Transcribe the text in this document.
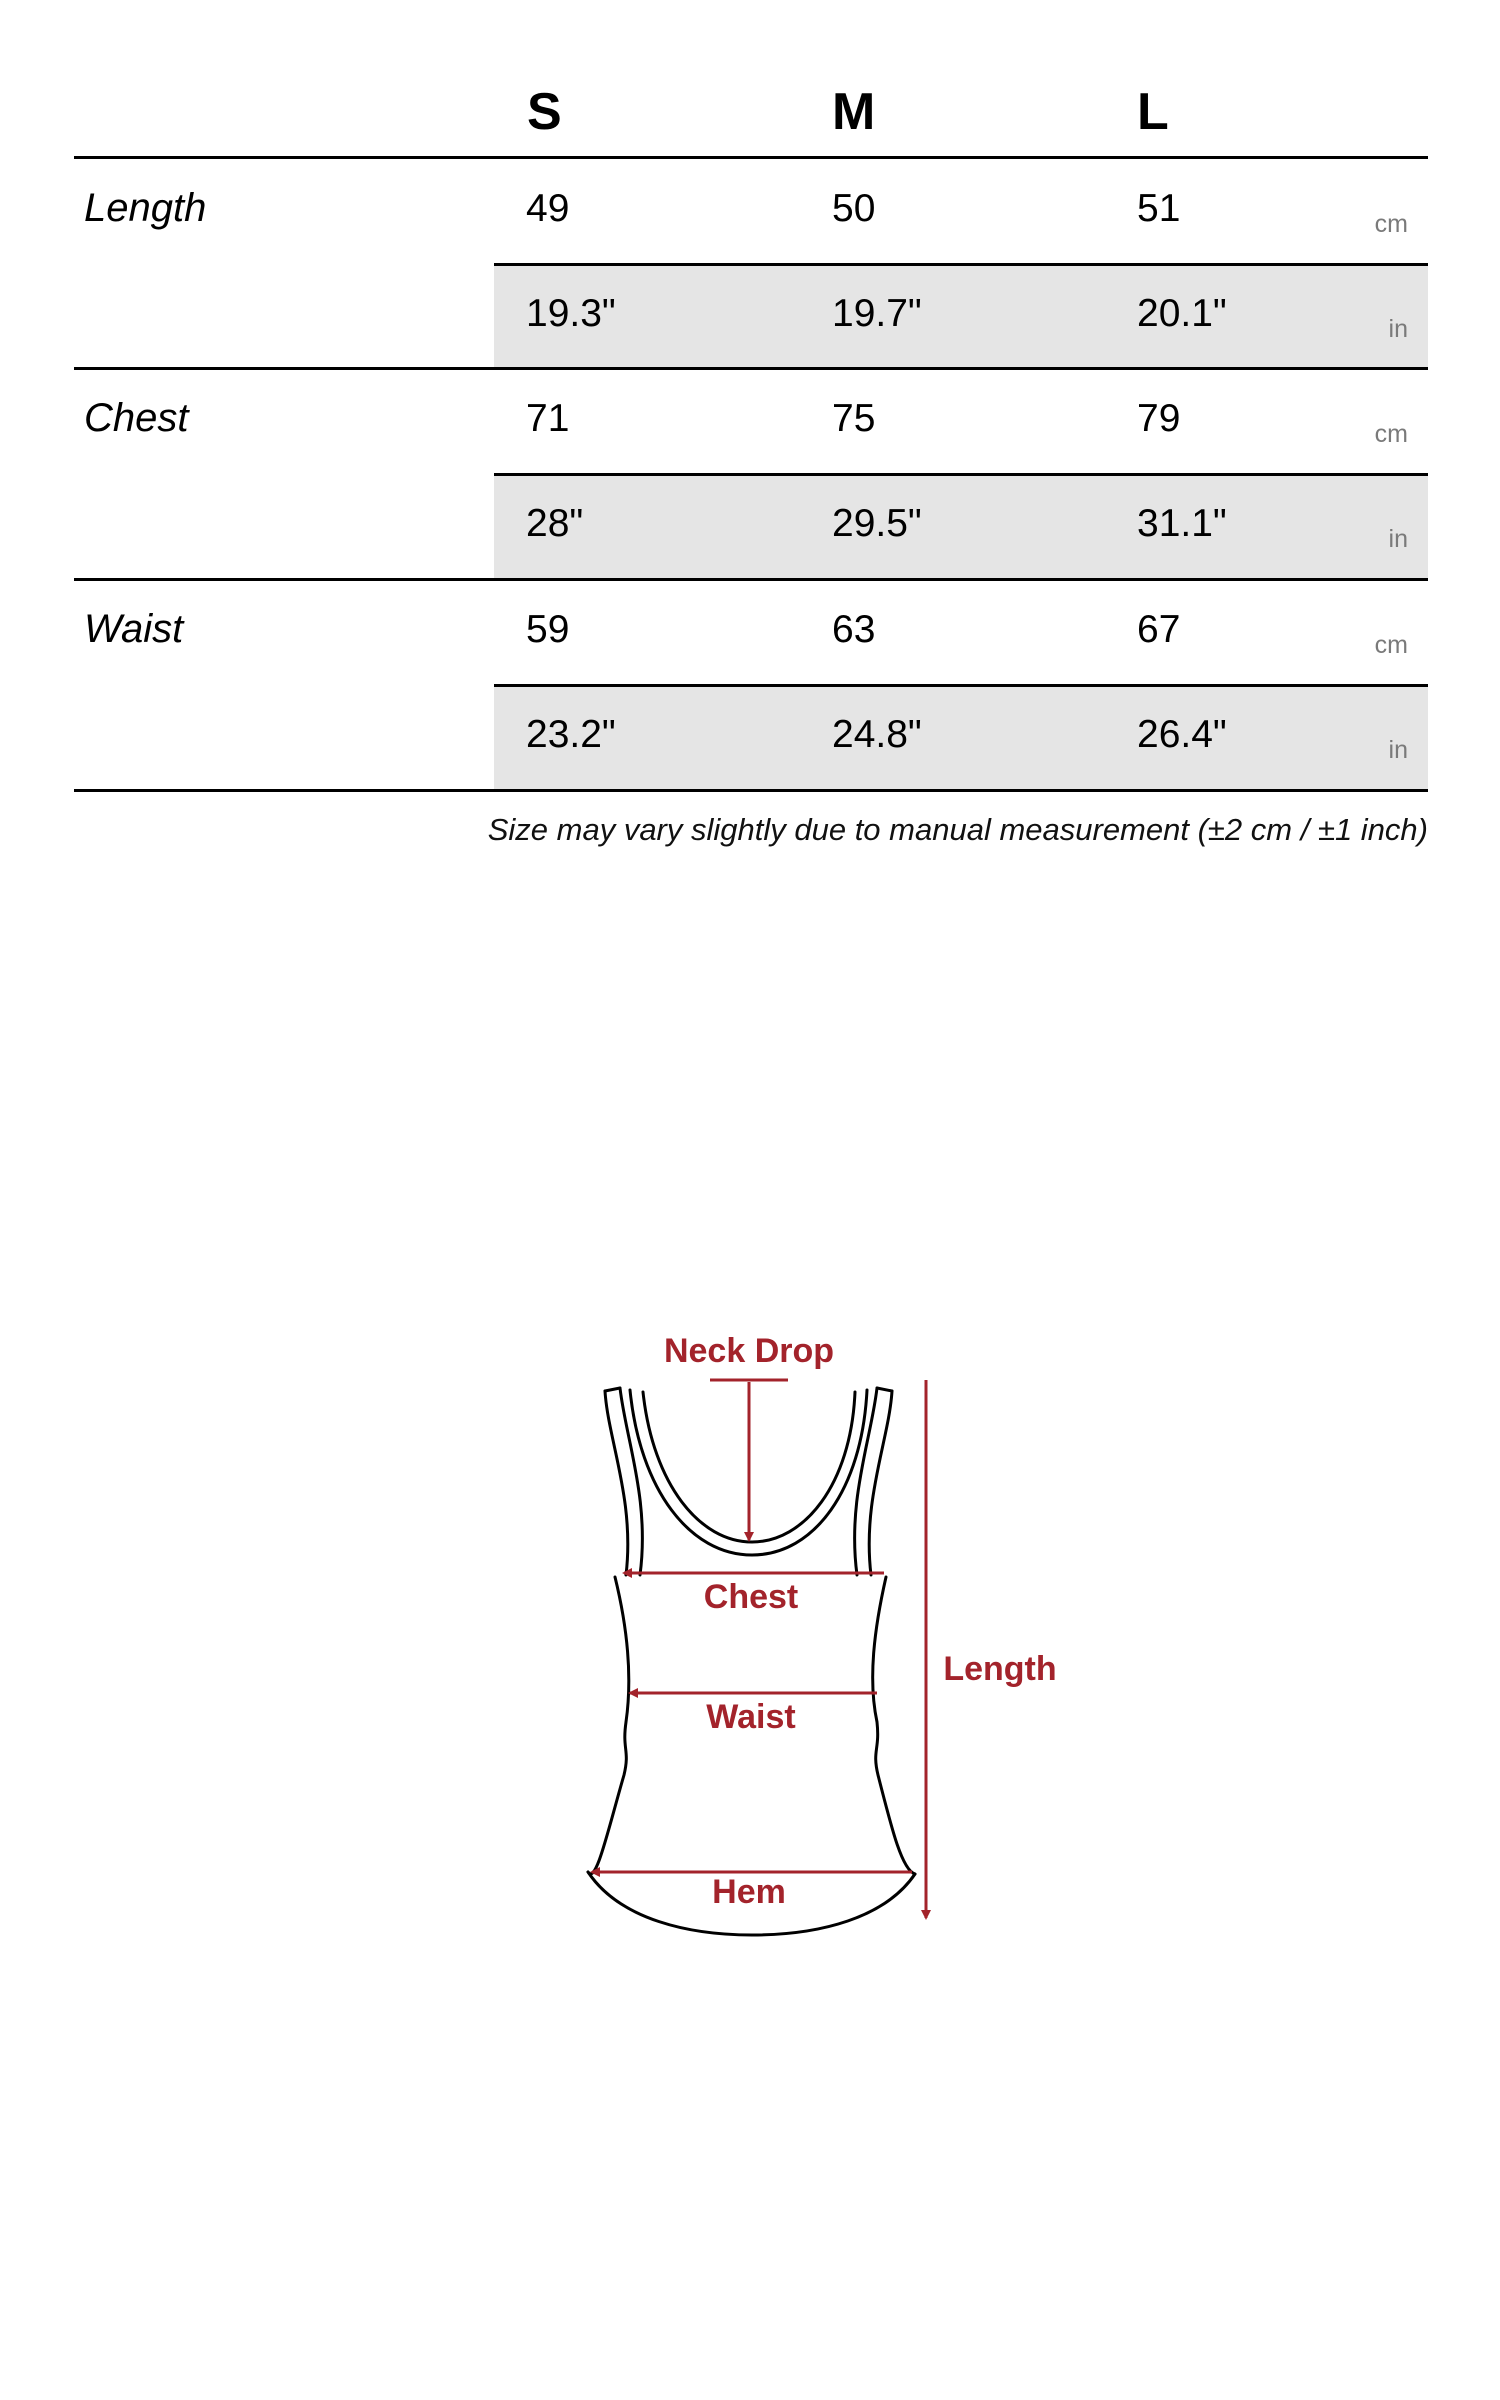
S	M	L
Length	49	50	51	cm
19.3"	19.7"	20.1"	in
Chest	71	75	79	cm
28"	29.5"	31.1"	in
Waist	59	63	67	cm
23.2"	24.8"	26.4"	in
Size may vary slightly due to manual measurement (±2 cm / ±1 inch)
Neck Drop
Chest
Waist
Hem
Length
